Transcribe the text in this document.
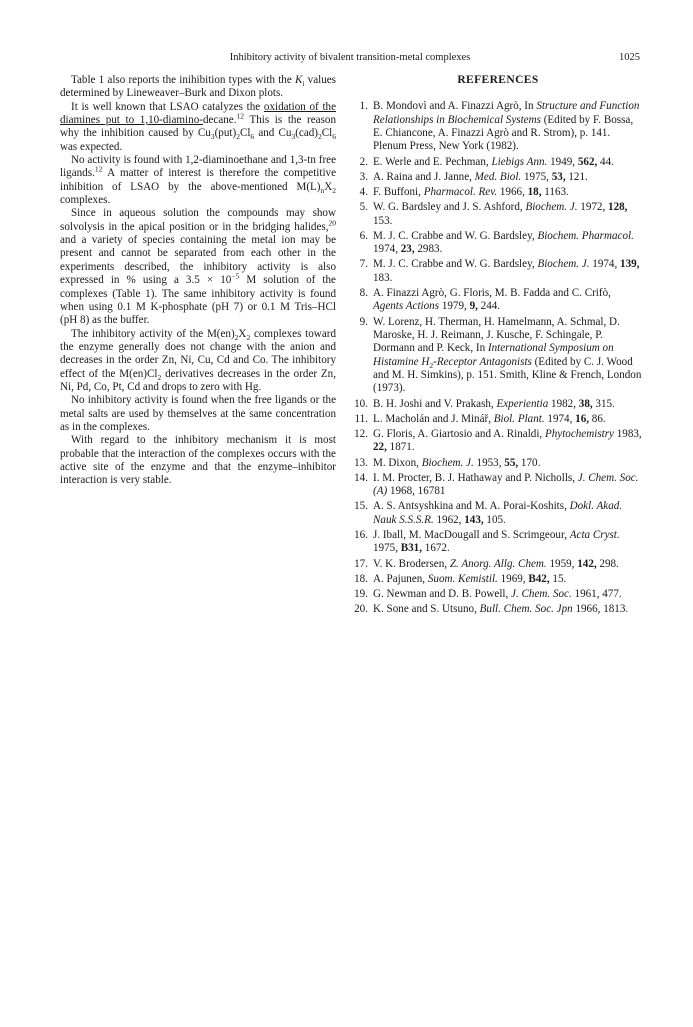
Inhibitory activity of bivalent transition-metal complexes	1025

Table 1 also reports the inihibition types with the $K_i$ values determined by Lineweaver–Burk and Dixon plots.

It is well known that LSAO catalyzes the oxidation of the diamines put to 1,10-diamino-decane.$^{12}$ This is the reason why the inhibition caused by $Cu_3(put)_2Cl_6$ and $Cu_3(cad)_2Cl_6$ was expected.

No activity is found with 1,2-diaminoethane and 1,3-tn free ligands.$^{12}$ A matter of interest is therefore the competitive inhibition of LSAO by the above-mentioned $M(L)_nX_2$ complexes.

Since in aqueous solution the compounds may show solvolysis in the apical position or in the bridging halides,$^{20}$ and a variety of species containing the metal ion may be present and cannot be separated from each other in the experiments described, the inhibitory activity is also expressed in % using a $3.5 \times 10^{-5}$ M solution of the complexes (Table 1). The same inhibitory activity is found when using 0.1 M K-phosphate (pH 7) or 0.1 M Tris–HCl (pH 8) as the buffer.

The inhibitory activity of the $M(en)_2X_2$ complexes toward the enzyme generally does not change with the anion and decreases in the order Zn, Ni, Cu, Cd and Co. The inhibitory effect of the $M(en)Cl_2$ derivatives decreases in the order Zn, Ni, Pd, Co, Pt, Cd and drops to zero with Hg.

No inhibitory activity is found when the free ligands or the metal salts are used by themselves at the same concentration as in the complexes.

With regard to the inhibitory mechanism it is most probable that the interaction of the complexes occurs with the active site of the enzyme and that the enzyme–inhibitor interaction is very stable.

REFERENCES
1. B. Mondovì and A. Finazzi Agrò, In Structure and Function Relationships in Biochemical Systems (Edited by F. Bossa, E. Chiancone, A. Finazzi Agrò and R. Strom), p. 141. Plenum Press, New York (1982).
2. E. Werle and E. Pechman, Liebigs Ann. 1949, 562, 44.
3. A. Raina and J. Janne, Med. Biol. 1975, 53, 121.
4. F. Buffoni, Pharmacol. Rev. 1966, 18, 1163.
5. W. G. Bardsley and J. S. Ashford, Biochem. J. 1972, 128, 153.
6. M. J. C. Crabbe and W. G. Bardsley, Biochem. Pharmacol. 1974, 23, 2983.
7. M. J. C. Crabbe and W. G. Bardsley, Biochem. J. 1974, 139, 183.
8. A. Finazzi Agrò, G. Floris, M. B. Fadda and C. Crifò, Agents Actions 1979, 9, 244.
9. W. Lorenz, H. Therman, H. Hamelmann, A. Schmal, D. Maroske, H. J. Reimann, J. Kusche, F. Schingale, P. Dormann and P. Keck, In International Symposium on Histamine $H_2$-Receptor Antagonists (Edited by C. J. Wood and M. H. Simkins), p. 151. Smith, Kline & French, London (1973).
10. B. H. Joshi and V. Prakash, Experientia 1982, 38, 315.
11. L. Macholán and J. Minář, Biol. Plant. 1974, 16, 86.
12. G. Floris, A. Giartosio and A. Rinaldi, Phytochemistry 1983, 22, 1871.
13. M. Dixon, Biochem. J. 1953, 55, 170.
14. I. M. Procter, B. J. Hathaway and P. Nicholls, J. Chem. Soc. (A) 1968, 16781
15. A. S. Antsyshkina and M. A. Porai-Koshits, Dokl. Akad. Nauk S.S.S.R. 1962, 143, 105.
16. J. Iball, M. MacDougall and S. Scrimgeour, Acta Cryst. 1975, B31, 1672.
17. V. K. Brodersen, Z. Anorg. Allg. Chem. 1959, 142, 298.
18. A. Pajunen, Suom. Kemistil. 1969, B42, 15.
19. G. Newman and D. B. Powell, J. Chem. Soc. 1961, 477.
20. K. Sone and S. Utsuno, Bull. Chem. Soc. Jpn 1966, 1813.
